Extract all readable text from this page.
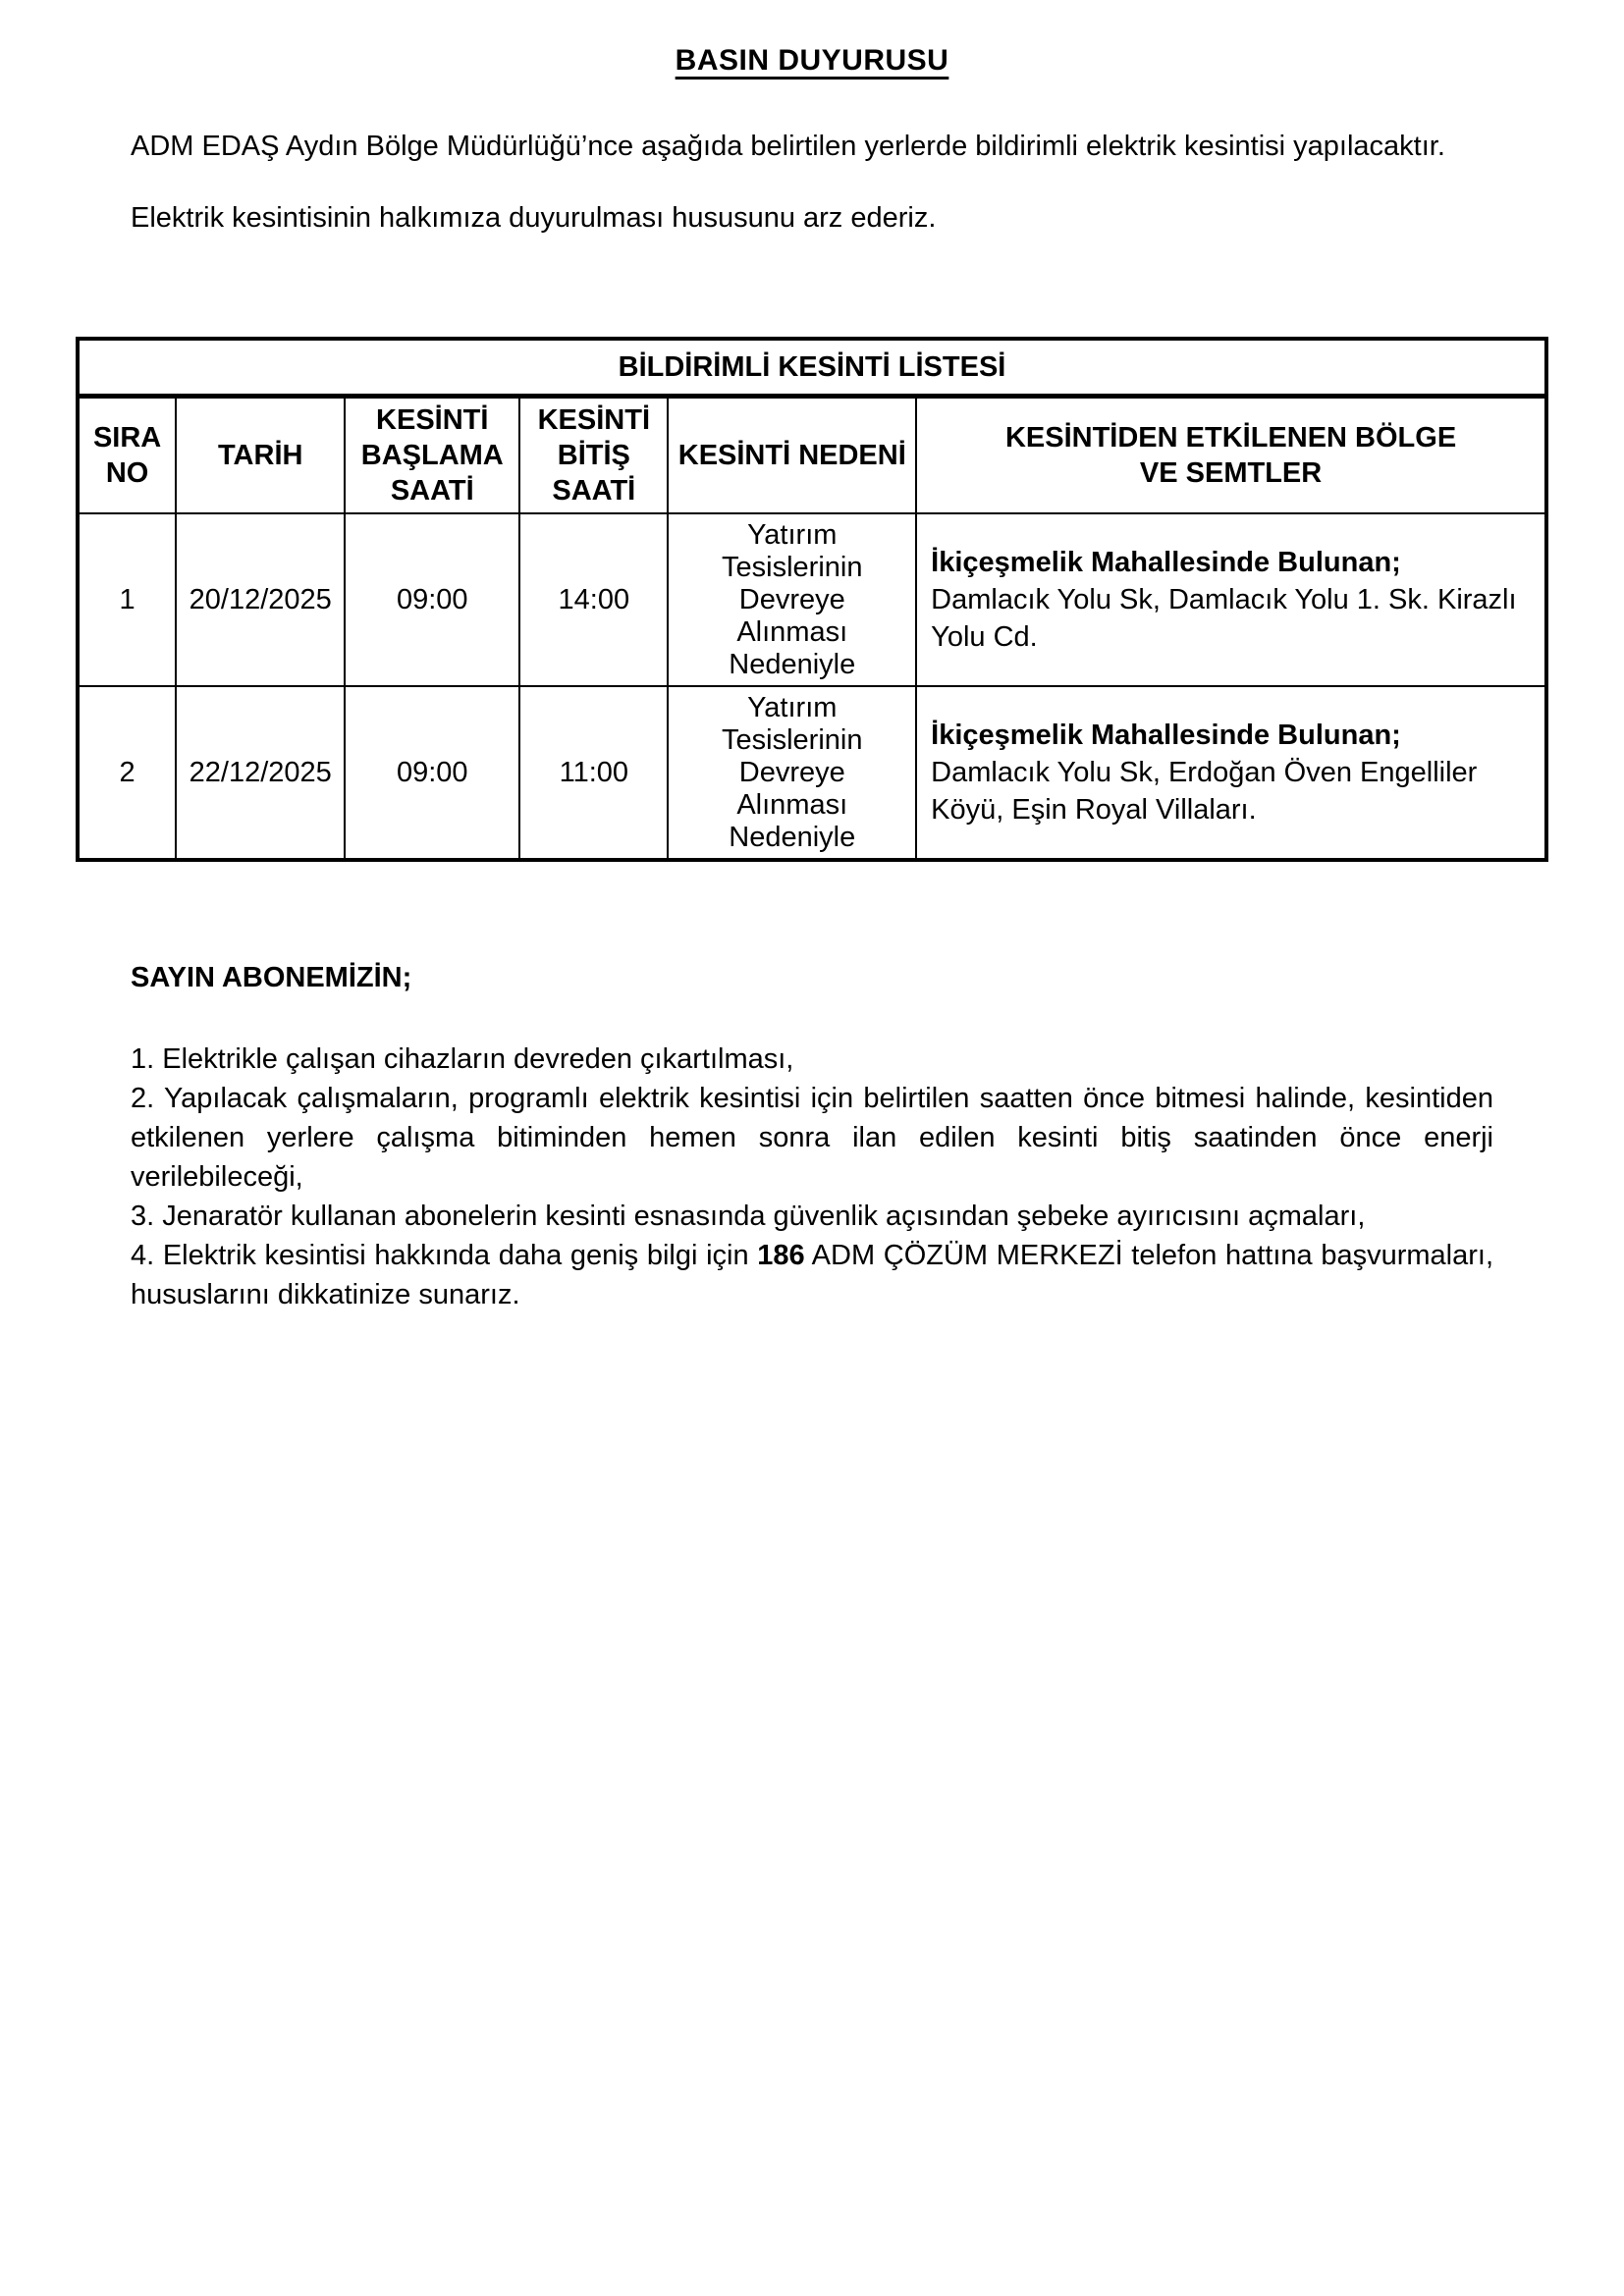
BASIN DUYURUSU

ADM EDAŞ Aydın Bölge Müdürlüğü’nce aşağıda belirtilen yerlerde bildirimli elektrik kesintisi yapılacaktır.

Elektrik kesintisinin halkımıza duyurulması hususunu arz ederiz.

BİLDİRİMLİ KESİNTİ LİSTESİ					
SIRA NO	TARİH	KESİNTİ BAŞLAMA SAATİ	KESİNTİ BİTİŞ SAATİ	KESİNTİ NEDENİ	KESİNTİDEN ETKİLENEN BÖLGE VE SEMTLER

1	20/12/2025	09:00	14:00	Yatırım Tesislerinin Devreye Alınması Nedeniyle	İkiçeşmelik Mahallesinde Bulunan;
Damlacık Yolu Sk, Damlacık Yolu 1. Sk. Kirazlı Yolu Cd.

2	22/12/2025	09:00	11:00	Yatırım Tesislerinin Devreye Alınması Nedeniyle	İkiçeşmelik Mahallesinde Bulunan;
Damlacık Yolu Sk, Erdoğan Öven Engelliler Köyü, Eşin Royal Villaları.
SAYIN ABONEMİZİN;

1. Elektrikle çalışan cihazların devreden çıkartılması,

2. Yapılacak çalışmaların, programlı elektrik kesintisi için belirtilen saatten önce bitmesi halinde, kesintiden etkilenen yerlere çalışma bitiminden hemen sonra ilan edilen kesinti bitiş saatinden önce enerji verilebileceği,

3. Jenaratör kullanan abonelerin kesinti esnasında güvenlik açısından şebeke ayırıcısını açmaları,

4. Elektrik kesintisi hakkında daha geniş bilgi için 186 ADM ÇÖZÜM MERKEZİ telefon hattına başvurmaları, hususlarını dikkatinize sunarız.
